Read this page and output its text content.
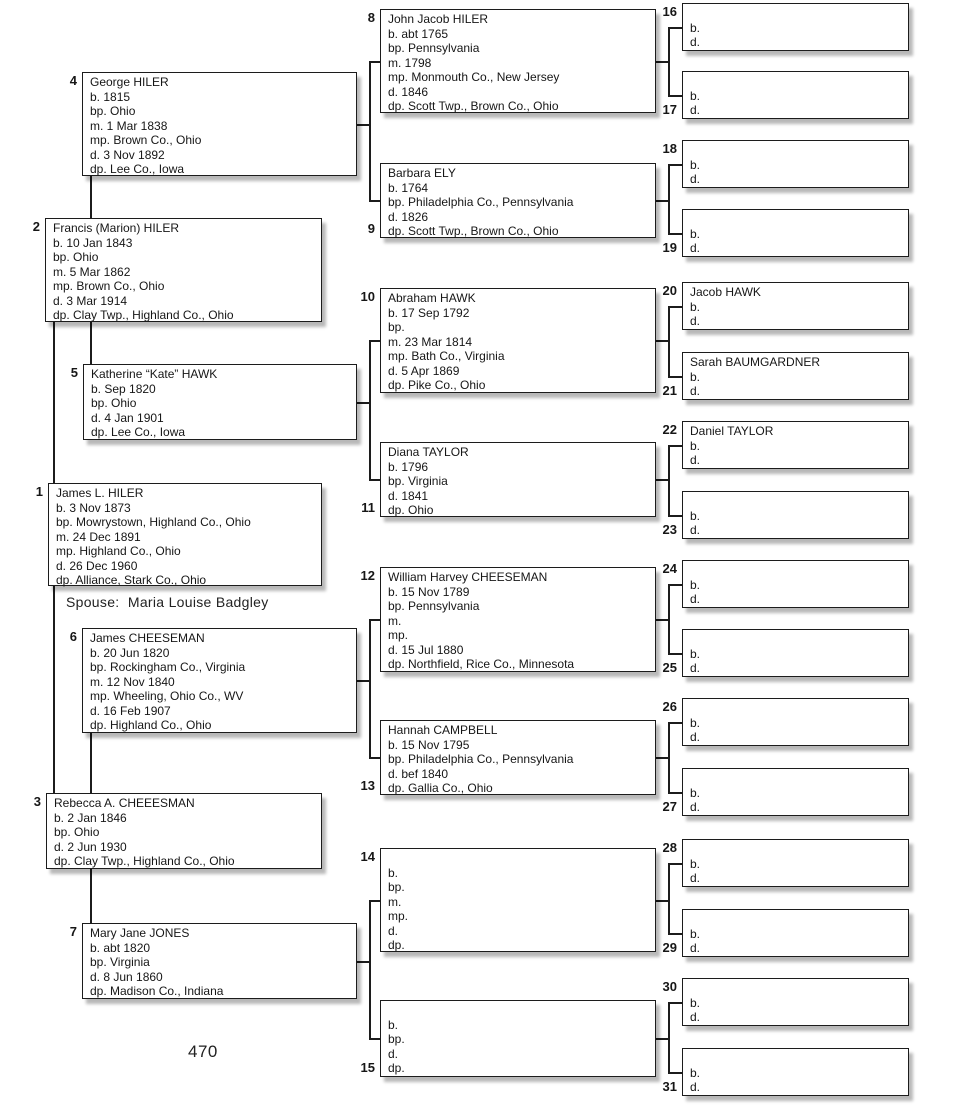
4 George HILER
b. 1815
bp. Ohio
m. 1 Mar 1838
mp. Brown Co., Ohio
d. 3 Nov 1892
dp. Lee Co., Iowa
2 Francis (Marion) HILER
b. 10 Jan 1843
bp. Ohio
m. 5 Mar 1862
mp. Brown Co., Ohio
d. 3 Mar 1914
dp. Clay Twp., Highland Co., Ohio
5 Katherine “Kate” HAWK
b. Sep 1820
bp. Ohio
d. 4 Jan 1901
dp. Lee Co., Iowa
1 James L. HILER
b. 3 Nov 1873
bp. Mowrystown, Highland Co., Ohio
m. 24 Dec 1891
mp. Highland Co., Ohio
d. 26 Dec 1960
dp. Alliance, Stark Co., Ohio
Spouse: Maria Louise Badgley
6 James CHEESEMAN
b. 20 Jun 1820
bp. Rockingham Co., Virginia
m. 12 Nov 1840
mp. Wheeling, Ohio Co., WV
d. 16 Feb 1907
dp. Highland Co., Ohio
3 Rebecca A. CHEEESMAN
b. 2 Jan 1846
bp. Ohio
d. 2 Jun 1930
dp. Clay Twp., Highland Co., Ohio
7 Mary Jane JONES
b. abt 1820
bp. Virginia
d. 8 Jun 1860
dp. Madison Co., Indiana
470
8 John Jacob HILER
b. abt 1765
bp. Pennsylvania
m. 1798
mp. Monmouth Co., New Jersey
d. 1846
dp. Scott Twp., Brown Co., Ohio
9
Barbara ELY
b. 1764
bp. Philadelphia Co., Pennsylvania
d. 1826
dp. Scott Twp., Brown Co., Ohio
10 Abraham HAWK
b. 17 Sep 1792
bp.
m. 23 Mar 1814
mp. Bath Co., Virginia
d. 5 Apr 1869
dp. Pike Co., Ohio
11
Diana TAYLOR
b. 1796
bp. Virginia
d. 1841
dp. Ohio
12 William Harvey CHEESEMAN
b. 15 Nov 1789
bp. Pennsylvania
m.
mp.
d. 15 Jul 1880
dp. Northfield, Rice Co., Minnesota
13
Hannah CAMPBELL
b. 15 Nov 1795
bp. Philadelphia Co., Pennsylvania
d. bef 1840
dp. Gallia Co., Ohio
14
b.
bp.
m.
mp.
d.
dp.
15
b.
bp.
d.
dp.
16
b.
d.
17
b.
d.
18
b.
d.
19
b.
d.
20 Jacob HAWK
b.
d.
21
Sarah BAUMGARDNER
b.
d.
22 Daniel TAYLOR
b.
d.
23
b.
d.
24
b.
d.
25
b.
d.
26
b.
d.
27
b.
d.
28
b.
d.
29
b.
d.
30
b.
d.
31
b.
d.
